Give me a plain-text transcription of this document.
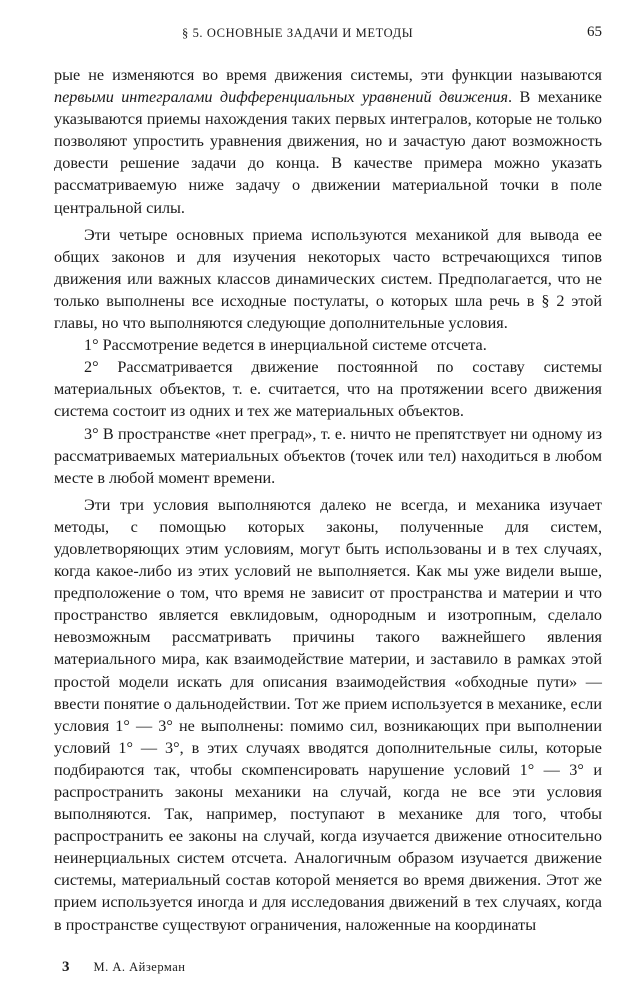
§ 5. ОСНОВНЫЕ ЗАДАЧИ И МЕТОДЫ	65

рые не изменяются во время движения системы, эти функции называются первыми интегралами дифференциальных уравнений движения. В механике указываются приемы нахождения таких первых интегралов, которые не только позволяют упростить уравнения движения, но и зачастую дают возможность довести решение задачи до конца. В качестве примера можно указать рассматриваемую ниже задачу о движении материальной точки в поле центральной силы.

Эти четыре основных приема используются механикой для вывода ее общих законов и для изучения некоторых часто встречающихся типов движения или важных классов динамических систем. Предполагается, что не только выполнены все исходные постулаты, о которых шла речь в § 2 этой главы, но что выполняются следующие дополнительные условия.

1° Рассмотрение ведется в инерциальной системе отсчета.

2° Рассматривается движение постоянной по составу системы материальных объектов, т. е. считается, что на протяжении всего движения система состоит из одних и тех же материальных объектов.

3° В пространстве «нет преград», т. е. ничто не препятствует ни одному из рассматриваемых материальных объектов (точек или тел) находиться в любом месте в любой момент времени.

Эти три условия выполняются далеко не всегда, и механика изучает методы, с помощью которых законы, полученные для систем, удовлетворяющих этим условиям, могут быть использованы и в тех случаях, когда какое-либо из этих условий не выполняется. Как мы уже видели выше, предположение о том, что время не зависит от пространства и материи и что пространство является евклидовым, однородным и изотропным, сделало невозможным рассматривать причины такого важнейшего явления материального мира, как взаимодействие материи, и заставило в рамках этой простой модели искать для описания взаимодействия «обходные пути» — ввести понятие о дальнодействии. Тот же прием используется в механике, если условия 1° — 3° не выполнены: помимо сил, возникающих при выполнении условий 1° — 3°, в этих случаях вводятся дополнительные силы, которые подбираются так, чтобы скомпенсировать нарушение условий 1° — 3° и распространить законы механики на случай, когда не все эти условия выполняются. Так, например, поступают в механике для того, чтобы распространить ее законы на случай, когда изучается движение относительно неинерциальных систем отсчета. Аналогичным образом изучается движение системы, материальный состав которой меняется во время движения. Этот же прием используется иногда и для исследования движений в тех случаях, когда в пространстве существуют ограничения, наложенные на координаты

3 М. А. Айзерман
